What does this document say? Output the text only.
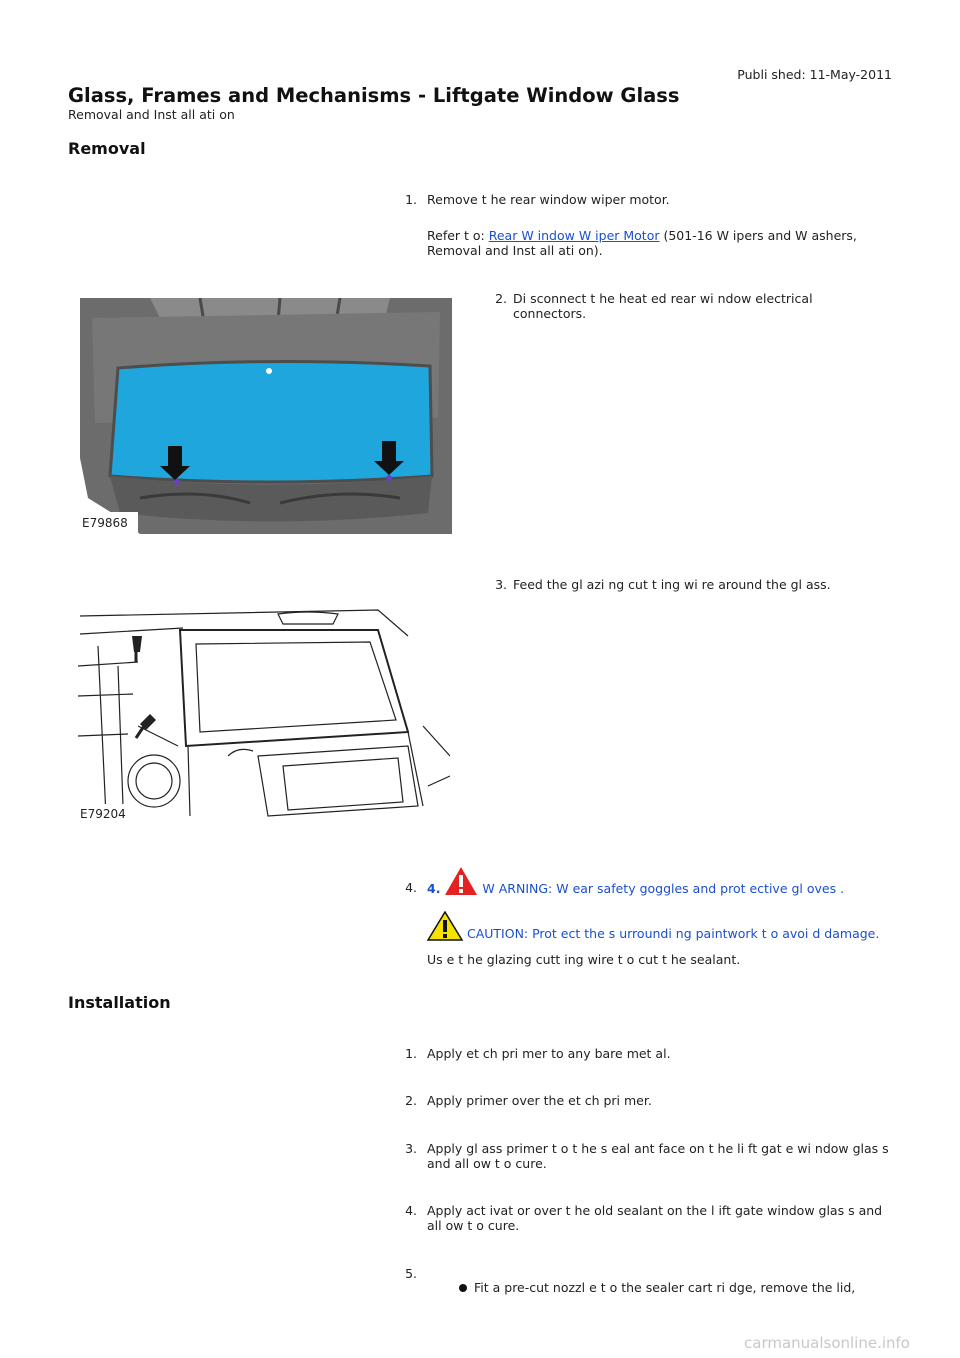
Publi shed: 11-May-2011
Glass, Frames and Mechanisms - Liftgate Window Glass
Removal and Inst all ati on
Removal
1. Remove t he rear window wiper motor.
Refer t o: Rear W indow W iper Motor (501-16 W ipers and W ashers,
Removal and Inst all ati on).
E79868
2. Di sconnect t he heat ed rear wi ndow electrical
connectors.
3. Feed the gl azi ng cut t ing wi re around the gl ass.
E79204
4. 4.	W ARNING: W ear safety goggles and prot ective gl oves .
CAUTION: Prot ect the s urroundi ng paintwork t o avoi d damage.
Us e t he glazing cutt ing wire t o cut t he sealant.
Installation
1. Apply et ch pri mer to any bare met al.
2. Apply primer over the et ch pri mer.
3. Apply gl ass primer t o t he s eal ant face on t he li ft gat e wi ndow glas s
and all ow t o cure.
4. Apply act ivat or over t he old sealant on the l ift gate window glas s and
all ow t o cure.
5.
Fit a pre-cut nozzl e t o the sealer cart ri dge, remove the lid,
carmanualsonline.info
